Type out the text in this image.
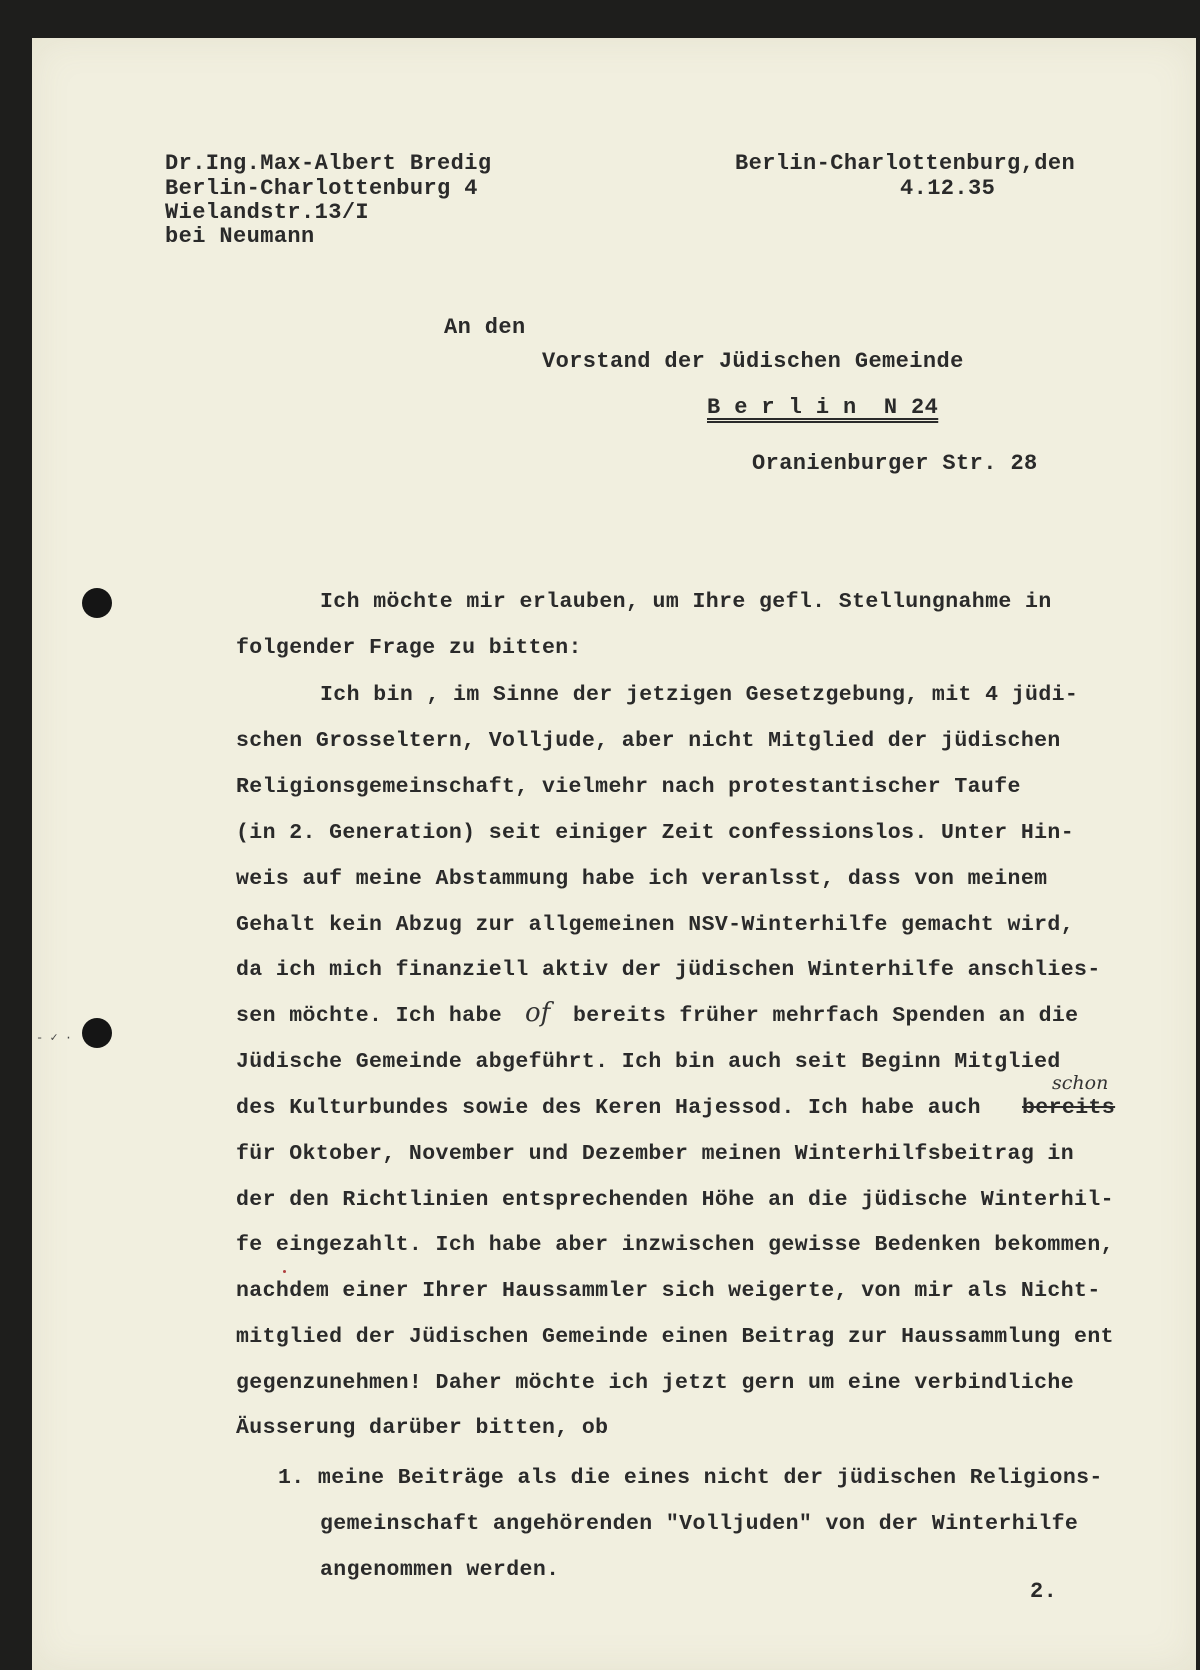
- ✓ ·

Dr.Ing.Max-Albert Bredig

Berlin-Charlottenburg 4

Wielandstr.13/I

bei Neumann

Berlin-Charlottenburg,den

4.12.35

An den

Vorstand der Jüdischen Gemeinde

B e r l i n  N 24

Oranienburger Str. 28

Ich möchte mir erlauben, um Ihre gefl. Stellungnahme in

folgender Frage zu bitten:

Ich bin , im Sinne der jetzigen Gesetzgebung, mit 4 jüdi-

schen Grosseltern, Volljude, aber nicht Mitglied der jüdischen

Religionsgemeinschaft, vielmehr nach protestantischer Taufe

(in 2. Generation) seit einiger Zeit confessionslos. Unter Hin-

weis auf meine Abstammung habe ich veranlsst, dass von meinem

Gehalt kein Abzug zur allgemeinen NSV-Winterhilfe gemacht wird,

da ich mich finanziell aktiv der jüdischen Winterhilfe anschlies-

sen möchte. Ich habe of bereits früher mehrfach Spenden an die

Jüdische Gemeinde abgeführt. Ich bin auch seit Beginn Mitglied

des Kulturbundes sowie des Keren Hajessod. Ich habe auch bereits

schon

für Oktober, November und Dezember meinen Winterhilfsbeitrag in

der den Richtlinien entsprechenden Höhe an die jüdische Winterhil-

fe eingezahlt. Ich habe aber inzwischen gewisse Bedenken bekommen,

nachdem einer Ihrer Haussammler sich weigerte, von mir als Nicht-

mitglied der Jüdischen Gemeinde einen Beitrag zur Haussammlung ent

gegenzunehmen! Daher möchte ich jetzt gern um eine verbindliche

Äusserung darüber bitten, ob

1. meine Beiträge als die eines nicht der jüdischen Religions-

gemeinschaft angehörenden "Volljuden" von der Winterhilfe

angenommen werden.

2.
